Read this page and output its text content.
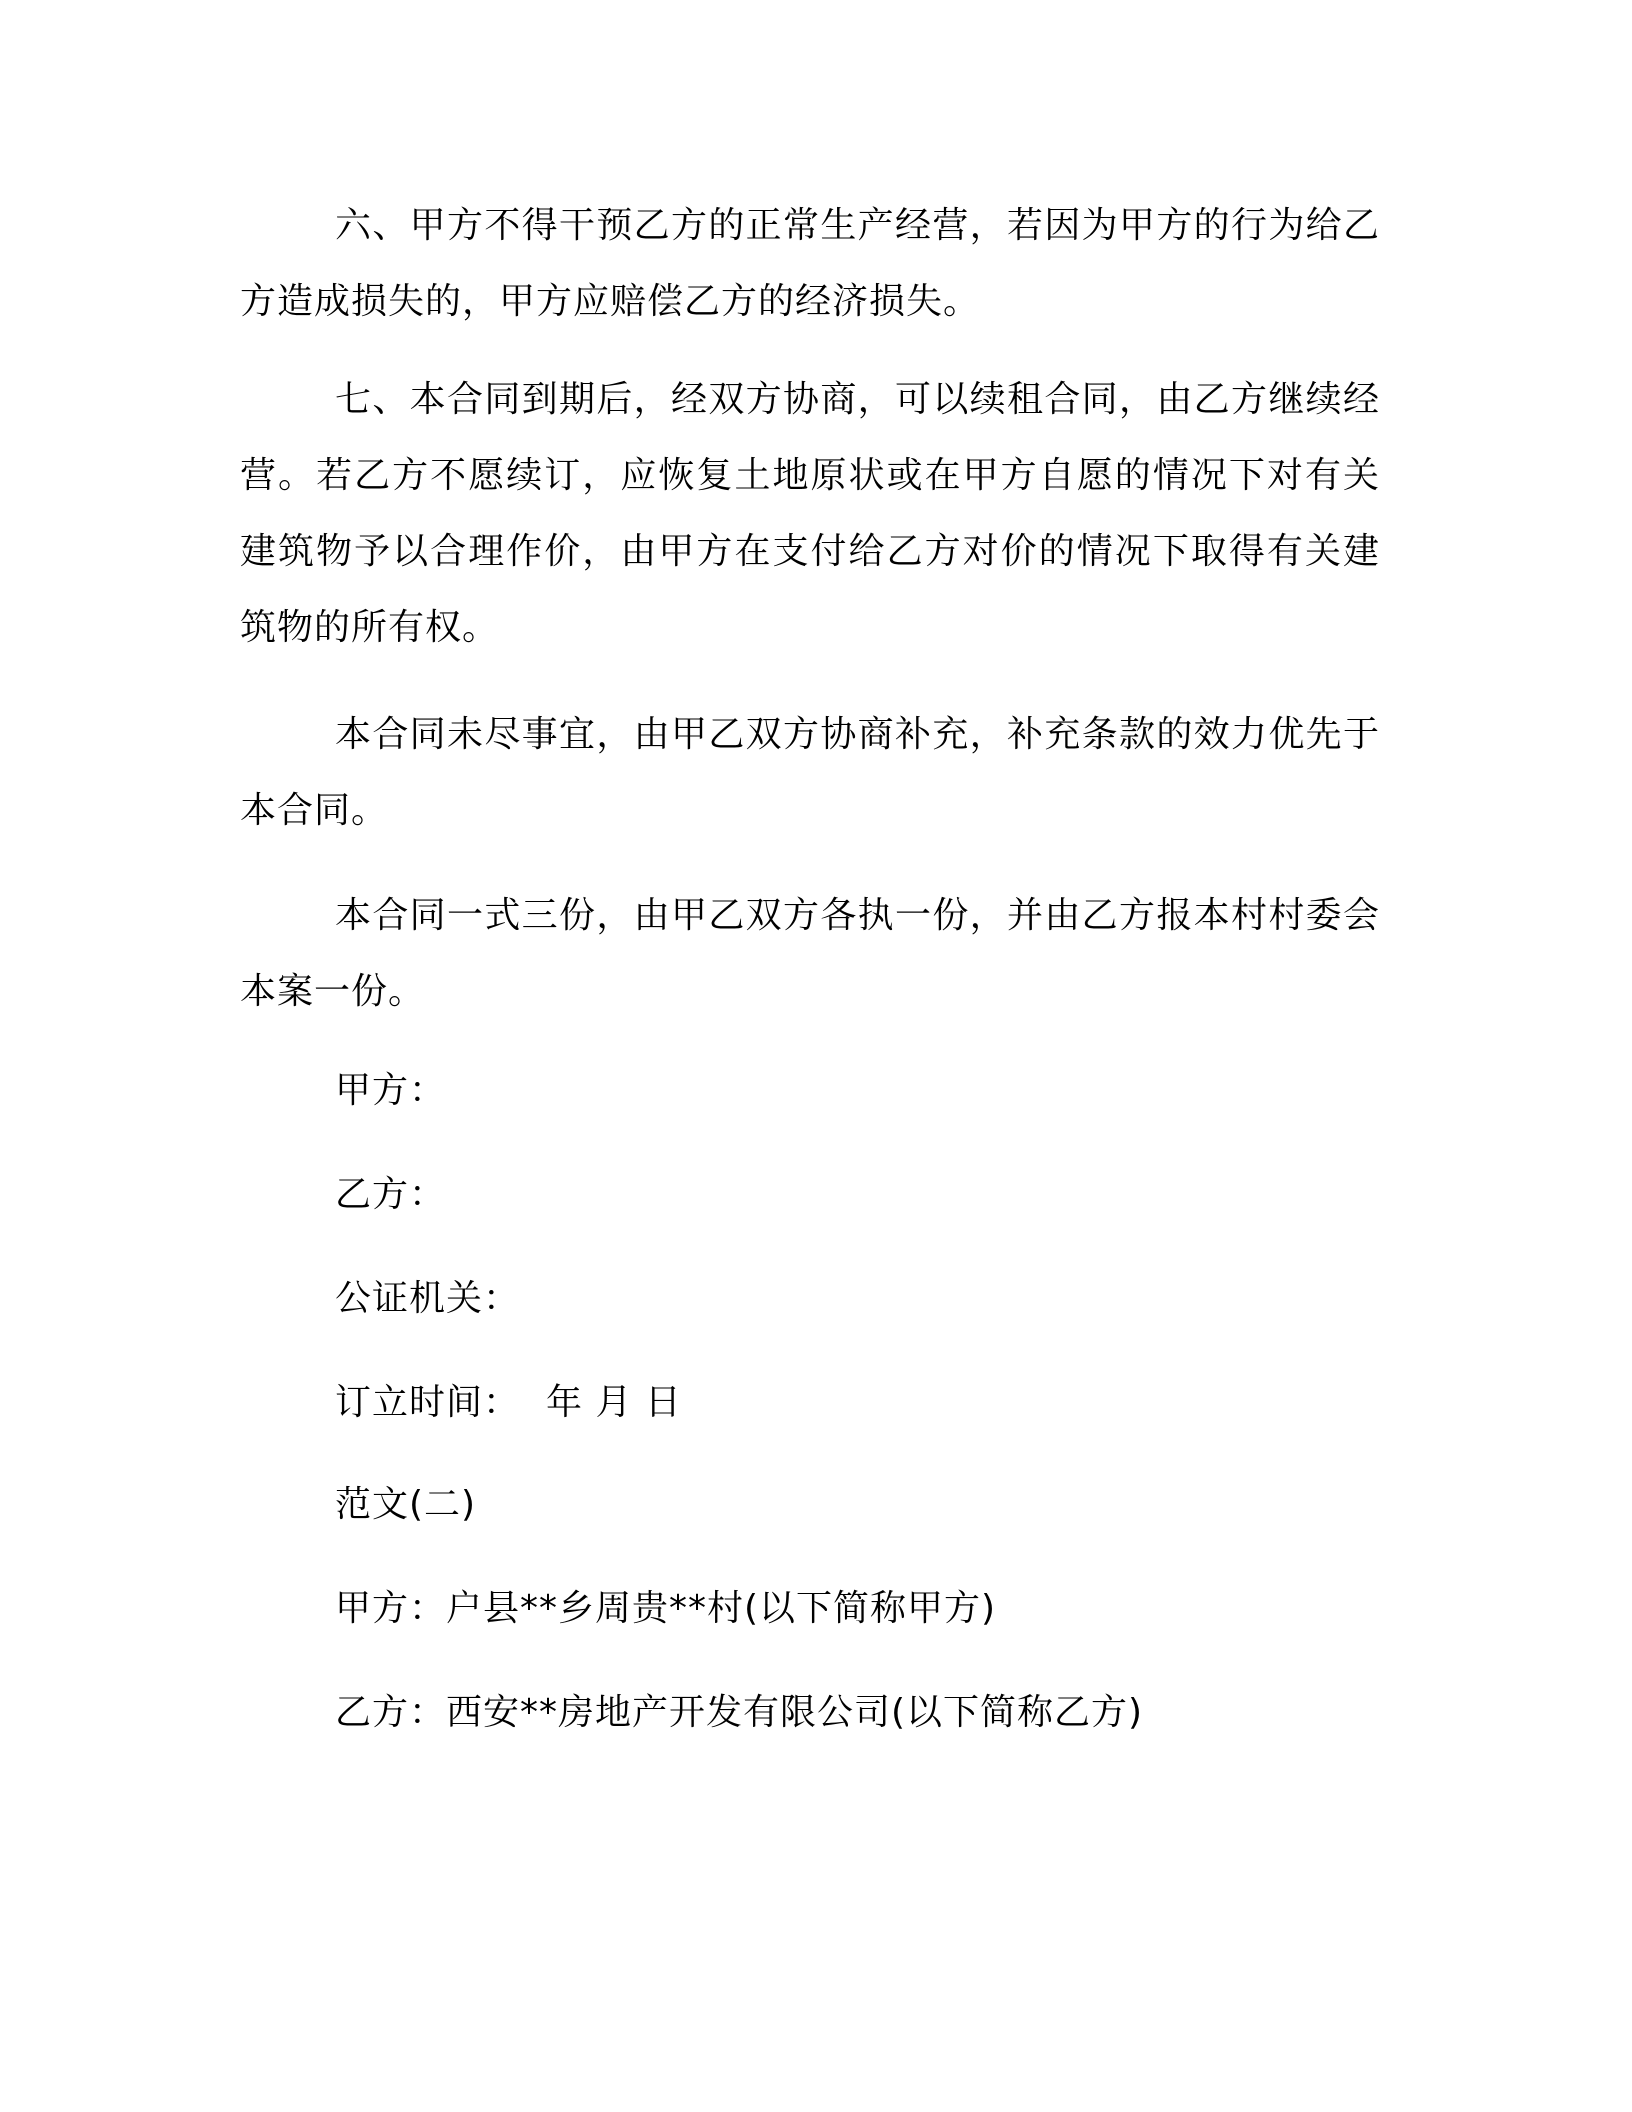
六、甲方不得干预乙方的正常生产经营，若因为甲方的行为给乙方造成损失的，甲方应赔偿乙方的经济损失。

七、本合同到期后，经双方协商，可以续租合同，由乙方继续经营。若乙方不愿续订，应恢复土地原状或在甲方自愿的情况下对有关建筑物予以合理作价，由甲方在支付给乙方对价的情况下取得有关建筑物的所有权。

本合同未尽事宜，由甲乙双方协商补充，补充条款的效力优先于本合同。

本合同一式三份，由甲乙双方各执一份，并由乙方报本村村委会本案一份。

甲方：

乙方：

公证机关：

订立时间： 年 月 日

范文(二)

甲方：户县**乡周贵**村(以下简称甲方)

乙方：西安**房地产开发有限公司(以下简称乙方)
